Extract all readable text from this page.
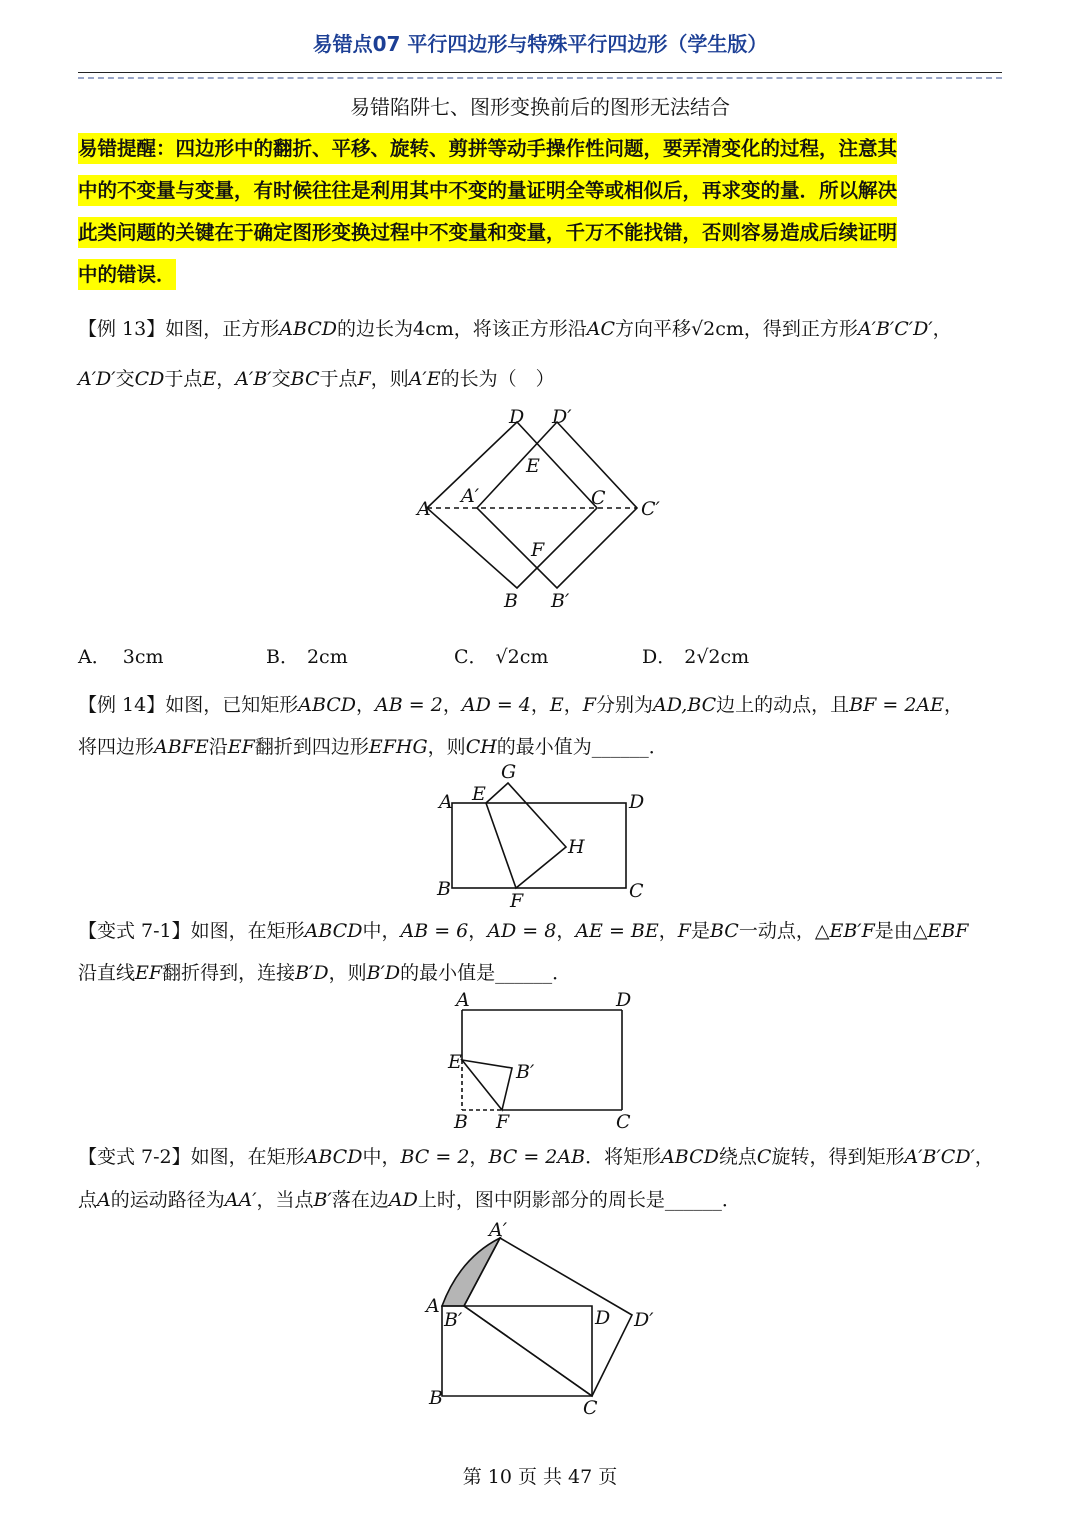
易错点07 平行四边形与特殊平行四边形（学生版）
易错陷阱七、图形变换前后的图形无法结合
易错提醒：四边形中的翻折、平移、旋转、剪拼等动手操作性问题，要弄清变化的过程，注意其
中的不变量与变量，有时候往往是利用其中不变的量证明全等或相似后，再求变的量．所以解决
此类问题的关键在于确定图形变换过程中不变量和变量，千万不能找错，否则容易造成后续证明
中的错误．
【例 13】如图，正方形ABCD的边长为4cm，将该正方形沿AC方向平移√2cm，得到正方形A′B′C′D′，
A′D′交CD于点E，A′B′交BC于点F，则A′E的长为（　）
D D′
E
A
A′	C C′
F
B B′
A． 3cm	B． 2cm	C． √2cm	D． 2√2cm
【例 14】如图，已知矩形ABCD，AB = 2，AD = 4，E，F分别为AD,BC边上的动点，且BF = 2AE，
将四边形ABFE沿EF翻折到四边形EFHG，则CH的最小值为______．
G
A E	D
H
B
F	C
【变式 7-1】如图，在矩形ABCD中，AB = 6，AD = 8，AE = BE，F是BC一动点，△EB′F是由△EBF
沿直线EF翻折得到，连接B′D，则B′D的最小值是______．
A	D
E	B′
B F	C
【变式 7-2】如图，在矩形ABCD中，BC = 2，BC = 2AB．将矩形ABCD绕点C旋转，得到矩形A′B′CD′，
点A的运动路径为AA′，当点B′落在边AD上时，图中阴影部分的周长是______．
A′
A
B′	D D′
B	C
第 10 页 共 47 页
